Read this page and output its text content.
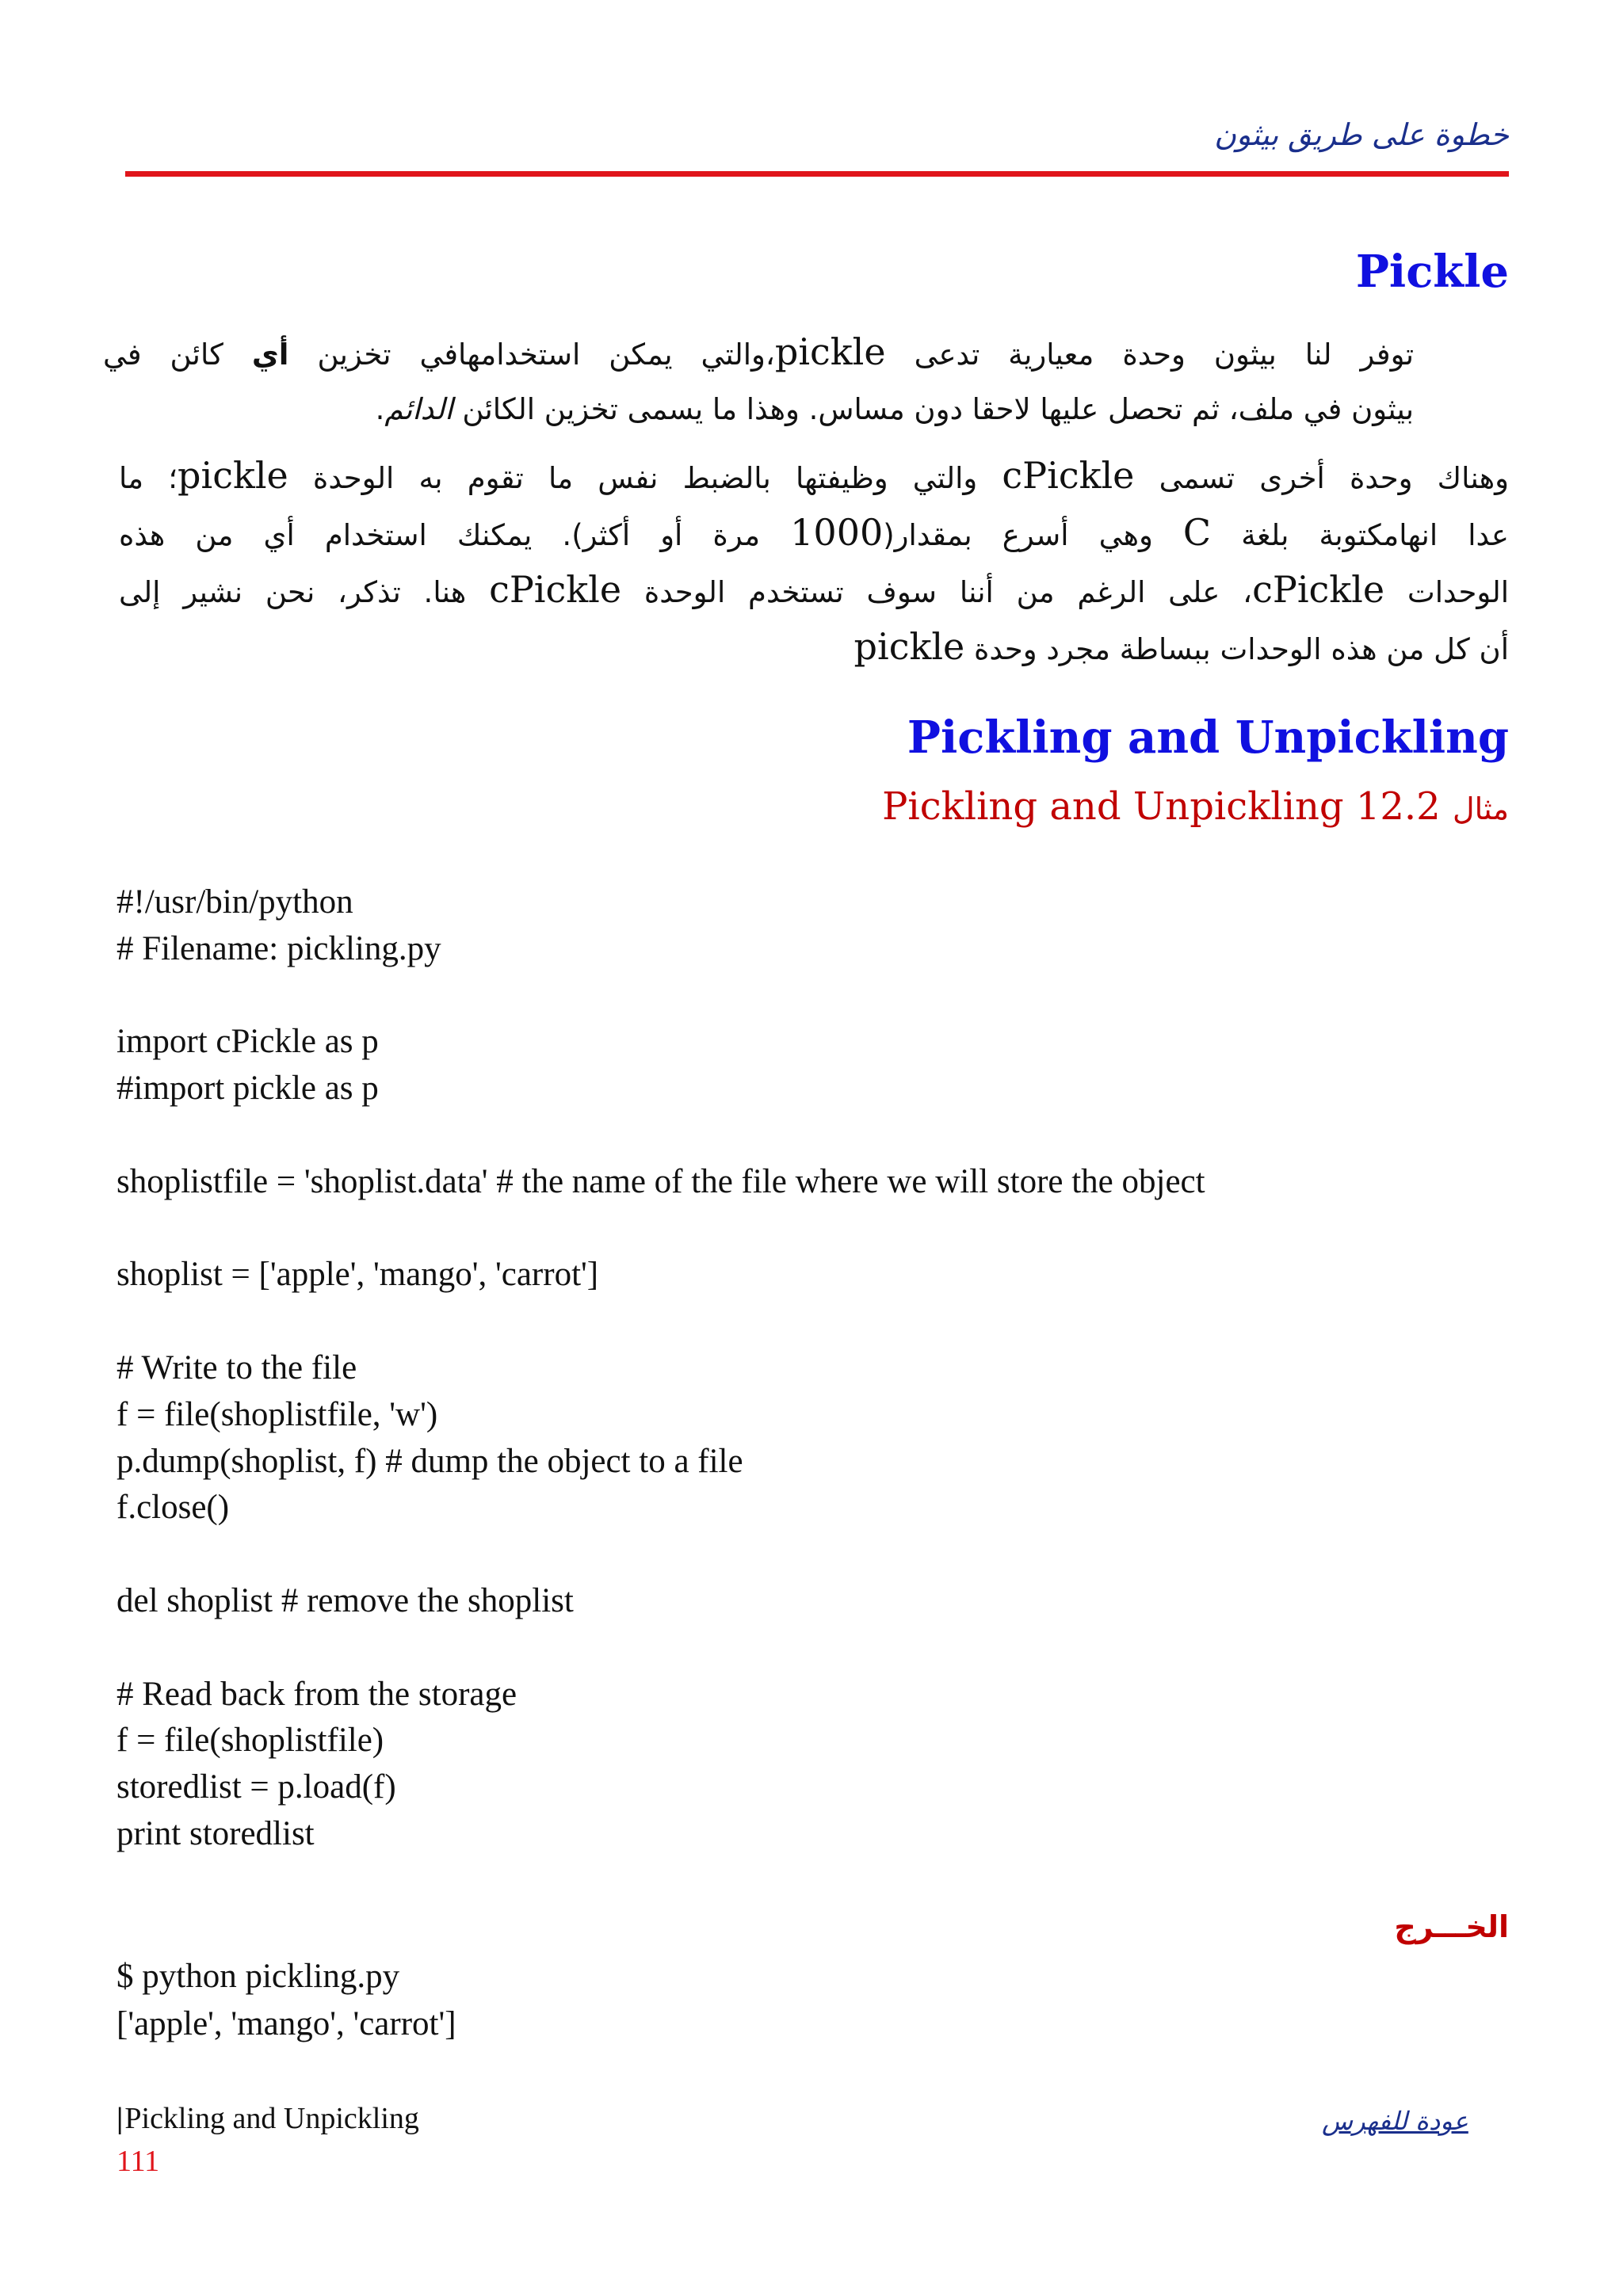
خطوة على طريق بيثون
Pickle
توفر لنا بيثون وحدة معيارية تدعى pickle،والتي يمكن استخدامهافي تخزين أي كائن في
بيثون في ملف، ثم تحصل عليها لاحقا دون مساس. وهذا ما يسمى تخزين الكائن الدائم.
وهناك وحدة أخرى تسمى cPickle والتي وظيفتها بالضبط نفس ما تقوم به الوحدة pickle؛ ما
عدا انهامكتوبة بلغة C وهي أسرع بمقدار(1000 مرة أو أكثر). يمكنك استخدام أي من هذه
الوحدات cPickle، على الرغم من أننا سوف تستخدم الوحدة cPickle هنا. تذكر، نحن نشير إلى
أن كل من هذه الوحدات ببساطة مجرد وحدة pickle
Pickling and Unpickling
مثال Pickling and Unpickling 12.2
#!/usr/bin/python
# Filename: pickling.py
import cPickle as p
#import pickle as p
shoplistfile = 'shoplist.data' # the name of the file where we will store the object
shoplist = ['apple', 'mango', 'carrot']
# Write to the file
f = file(shoplistfile, 'w')
p.dump(shoplist, f) # dump the object to a file
f.close()
del shoplist # remove the shoplist
# Read back from the storage
f = file(shoplistfile)
storedlist = p.load(f)
print storedlist
الخـــرج
$ python pickling.py
['apple', 'mango', 'carrot']
|Pickling and Unpickling
111
عودة للفهرس
